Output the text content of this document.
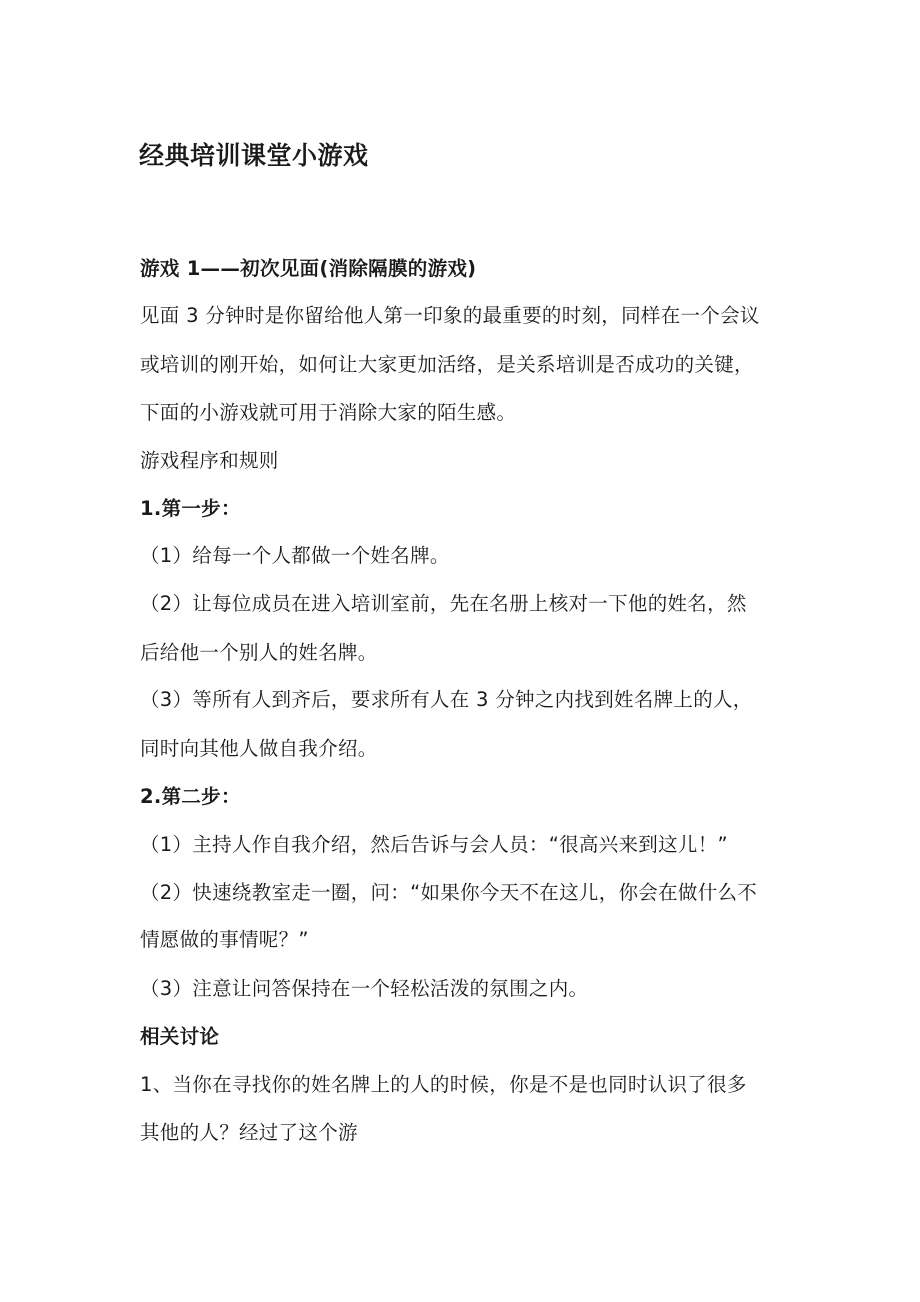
经典培训课堂小游戏
游戏 1——初次见面(消除隔膜的游戏)
见面 3 分钟时是你留给他人第一印象的最重要的时刻，同样在一个会议
或培训的刚开始，如何让大家更加活络，是关系培训是否成功的关键，
下面的小游戏就可用于消除大家的陌生感。
游戏程序和规则
1.第一步：
（1）给每一个人都做一个姓名牌。
（2）让每位成员在进入培训室前，先在名册上核对一下他的姓名，然
后给他一个别人的姓名牌。
（3）等所有人到齐后，要求所有人在 3 分钟之内找到姓名牌上的人，
同时向其他人做自我介绍。
2.第二步：
（1）主持人作自我介绍，然后告诉与会人员：“很高兴来到这儿！”
（2）快速绕教室走一圈，问：“如果你今天不在这儿，你会在做什么不
情愿做的事情呢？”
（3）注意让问答保持在一个轻松活泼的氛围之内。
相关讨论
1、当你在寻找你的姓名牌上的人的时候，你是不是也同时认识了很多
其他的人？经过了这个游
